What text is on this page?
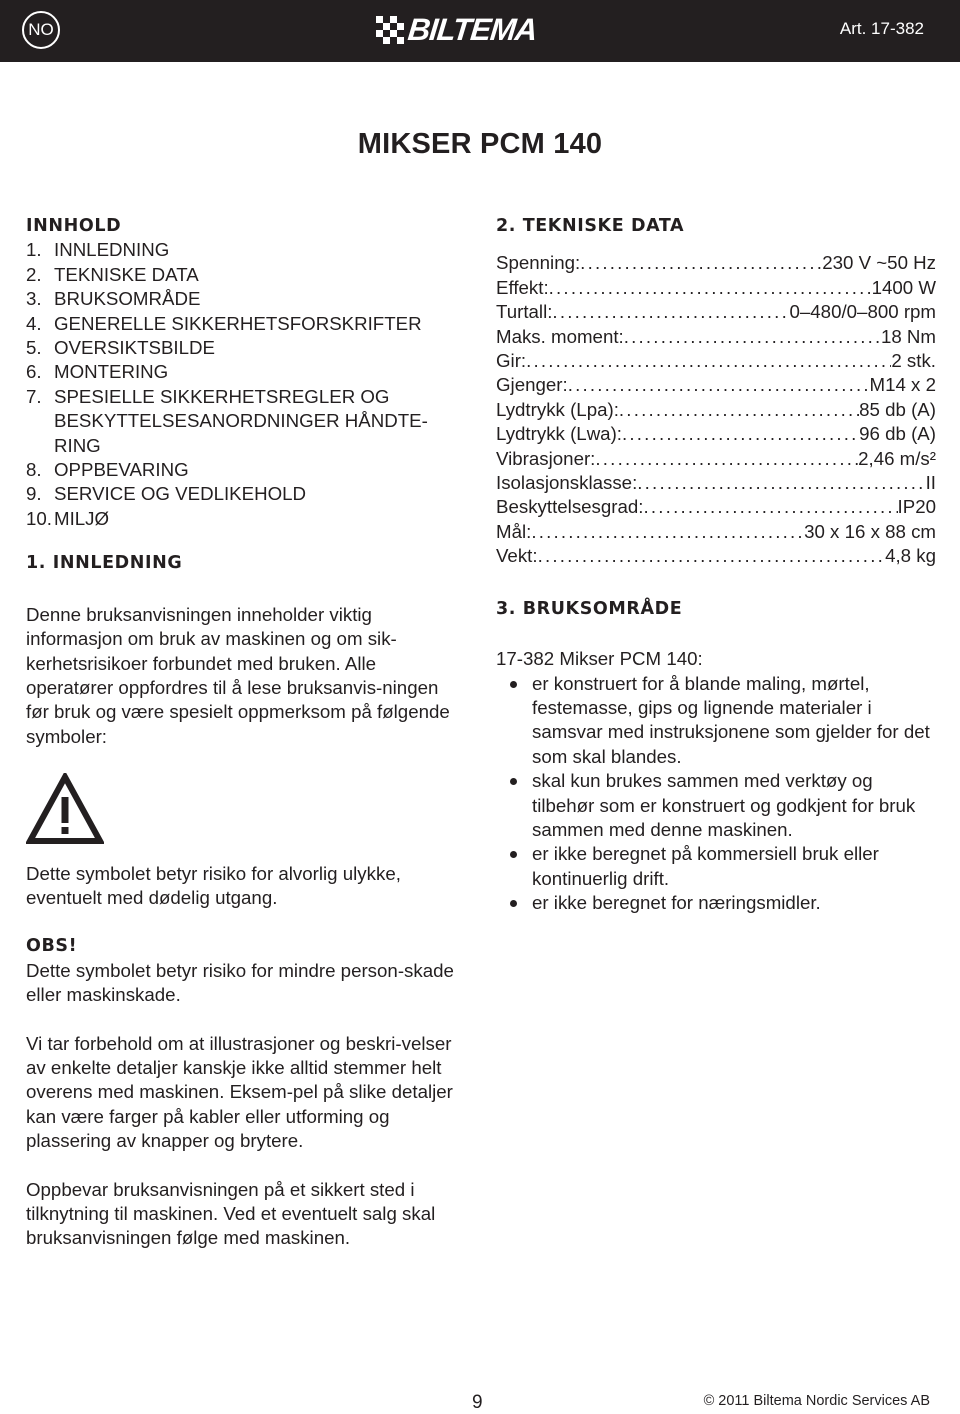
NO	BILTEMA	Art. 17-382
MIKSER PCM 140
INNHOLD
1. INNLEDNING
2. TEKNISKE DATA
3. BRUKSOMRÅDE
4. GENERELLE SIKKERHETSFORSKRIFTER
5. OVERSIKTSBILDE
6. MONTERING
7. SPESIELLE SIKKERHETSREGLER OG BESKYTTELSESANORDNINGER HÅNDTE-RING
8. OPPBEVARING
9. SERVICE OG VEDLIKEHOLD
10. MILJØ
1. INNLEDNING

Denne bruksanvisningen inneholder viktig informasjon om bruk av maskinen og om sik-kerhetsrisikoer forbundet med bruken. Alle operatører oppfordres til å lese bruksanvis-ningen før bruk og være spesielt oppmerksom på følgende symboler:

Dette symbolet betyr risiko for alvorlig ulykke, eventuelt med dødelig utgang.

OBS!

Dette symbolet betyr risiko for mindre person-skade eller maskinskade.

Vi tar forbehold om at illustrasjoner og beskri-velser av enkelte detaljer kanskje ikke alltid stemmer helt overens med maskinen. Eksem-pel på slike detaljer kan være farger på kabler eller utforming og plassering av knapper og brytere.

Oppbevar bruksanvisningen på et sikkert sted i tilknytning til maskinen. Ved et eventuelt salg skal bruksanvisningen følge med maskinen.

2. TEKNISKE DATA
Spenning: .....	230 V ~50 Hz
Effekt: .....	1400 W
Turtall: .....	0–480/0–800 rpm
Maks. moment: .....	18 Nm
Gir: .....	2 stk.
Gjenger: .....	M14 x 2
Lydtrykk (Lpa): .....	85 db (A)
Lydtrykk (Lwa): .....	96 db (A)
Vibrasjoner: .....	2,46 m/s²
Isolasjonsklasse: .....	II
Beskyttelsesgrad: .....	IP20
Mål: .....	30 x 16 x 88 cm
Vekt: .....	4,8 kg
3. BRUKSOMRÅDE

17-382 Mikser PCM 140:

er konstruert for å blande maling, mørtel, festemasse, gips og lignende materialer i samsvar med instruksjonene som gjelder for det som skal blandes.
skal kun brukes sammen med verktøy og tilbehør som er konstruert og godkjent for bruk sammen med denne maskinen.
er ikke beregnet på kommersiell bruk eller kontinuerlig drift.
er ikke beregnet for næringsmidler.
9	© 2011 Biltema Nordic Services AB
